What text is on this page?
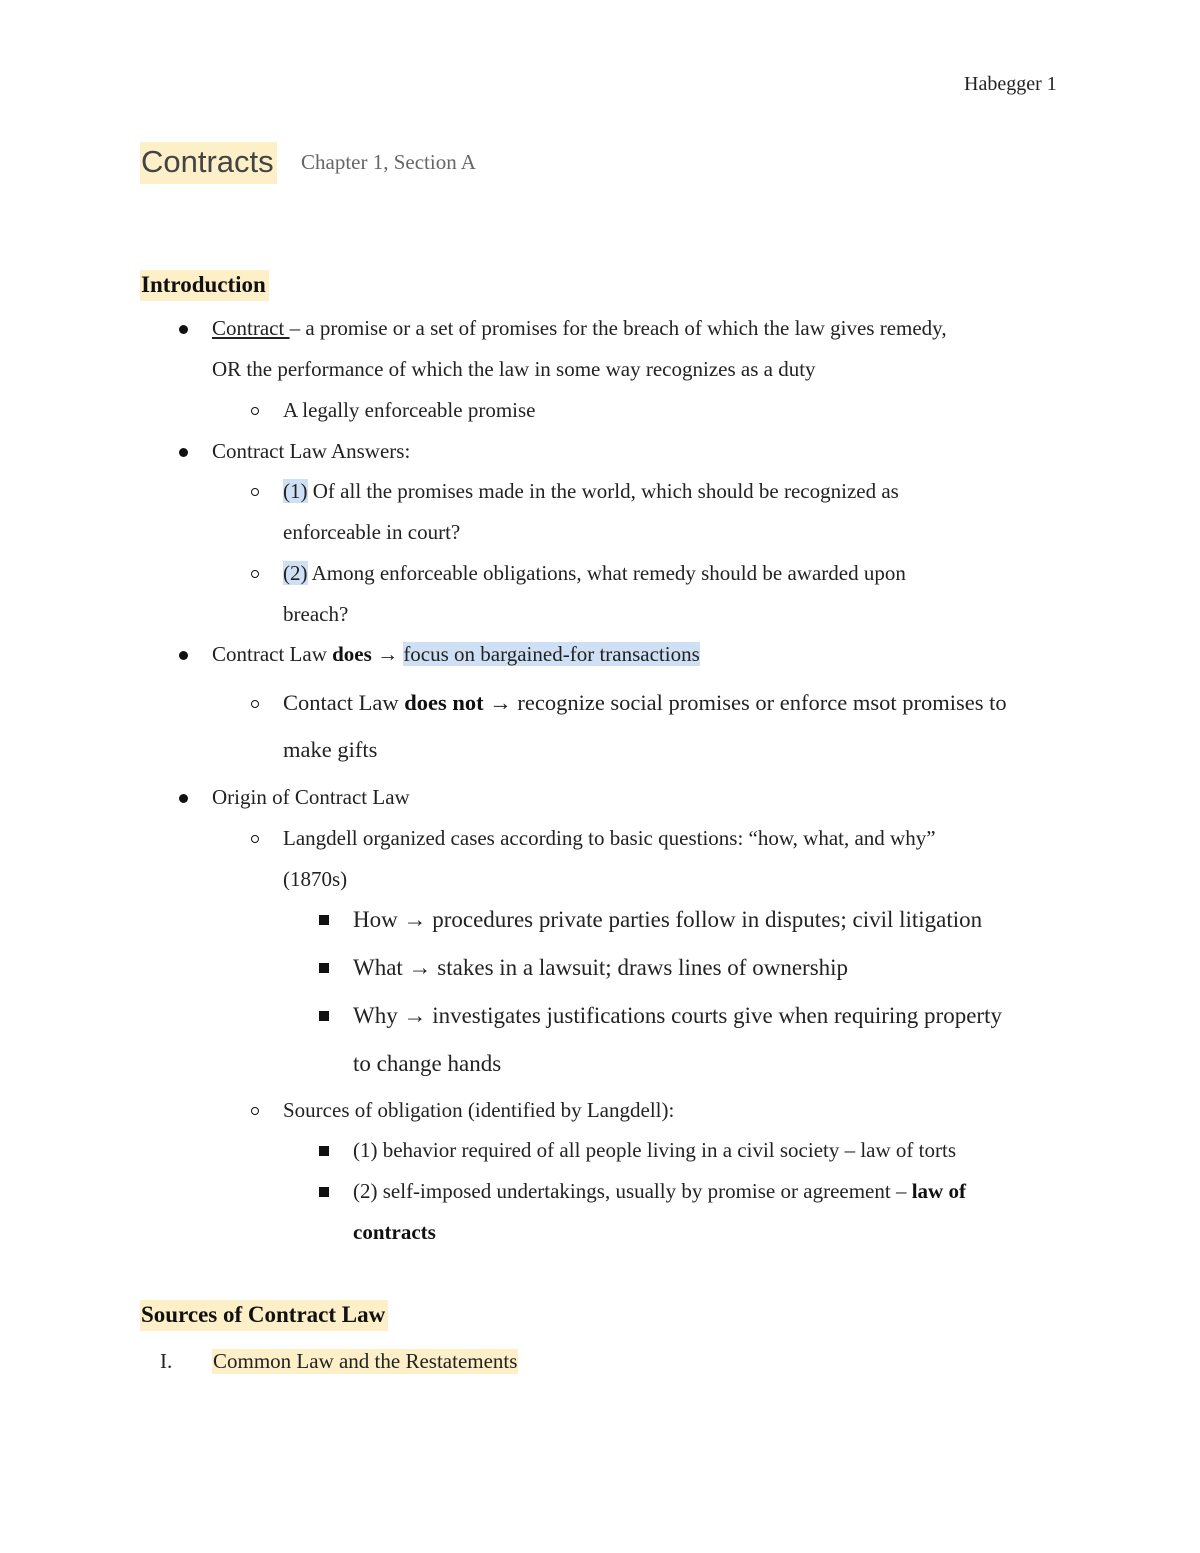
Habegger 1
Contracts Chapter 1, Section A
Introduction
Contract – a promise or a set of promises for the breach of which the law gives remedy,
OR the performance of which the law in some way recognizes as a duty
A legally enforceable promise
Contract Law Answers:
(1) Of all the promises made in the world, which should be recognized as
enforceable in court?
(2) Among enforceable obligations, what remedy should be awarded upon
breach?
Contract Law does → focus on bargained-for transactions
Contact Law does not → recognize social promises or enforce msot promises to
make gifts
Origin of Contract Law
Langdell organized cases according to basic questions: “how, what, and why”
(1870s)
How → procedures private parties follow in disputes; civil litigation
What → stakes in a lawsuit; draws lines of ownership
Why → investigates justifications courts give when requiring property
to change hands
Sources of obligation (identified by Langdell):
(1) behavior required of all people living in a civil society – law of torts
(2) self-imposed undertakings, usually by promise or agreement – law of
contracts
Sources of Contract Law
I. Common Law and the Restatements
